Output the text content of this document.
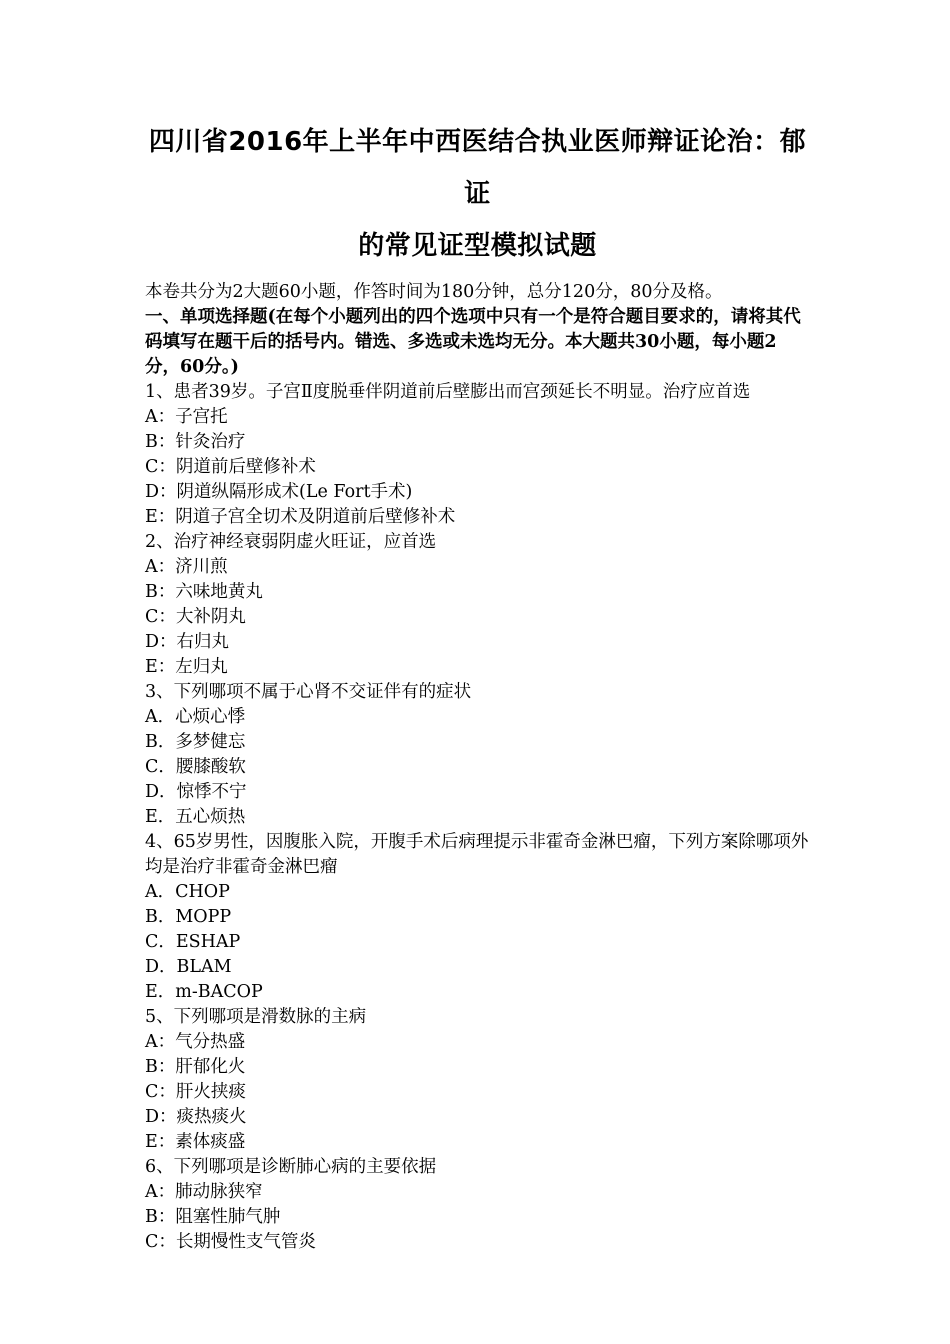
四川省2016年上半年中西医结合执业医师辩证论治：郁证
的常见证型模拟试题

本卷共分为2大题60小题，作答时间为180分钟，总分120分，80分及格。

一、单项选择题(在每个小题列出的四个选项中只有一个是符合题目要求的，请将其代码填写在题干后的括号内。错选、多选或未选均无分。本大题共30小题，每小题2分，60分。)

1、患者39岁。子宫Ⅱ度脱垂伴阴道前后壁膨出而宫颈延长不明显。治疗应首选

A：子宫托

B：针灸治疗

C：阴道前后壁修补术

D：阴道纵隔形成术(Le Fort手术)

E：阴道子宫全切术及阴道前后壁修补术

2、治疗神经衰弱阴虚火旺证，应首选

A：济川煎

B：六味地黄丸

C：大补阴丸

D：右归丸

E：左归丸

3、下列哪项不属于心肾不交证伴有的症状

A．心烦心悸

B．多梦健忘

C．腰膝酸软

D．惊悸不宁

E．五心烦热

4、65岁男性，因腹胀入院，开腹手术后病理提示非霍奇金淋巴瘤，下列方案除哪项外均是治疗非霍奇金淋巴瘤

A．CHOP

B．MOPP

C．ESHAP

D．BLAM

E．m-BACOP

5、下列哪项是滑数脉的主病

A：气分热盛

B：肝郁化火

C：肝火挟痰

D：痰热痰火

E：素体痰盛

6、下列哪项是诊断肺心病的主要依据

A：肺动脉狭窄

B：阻塞性肺气肿

C：长期慢性支气管炎
